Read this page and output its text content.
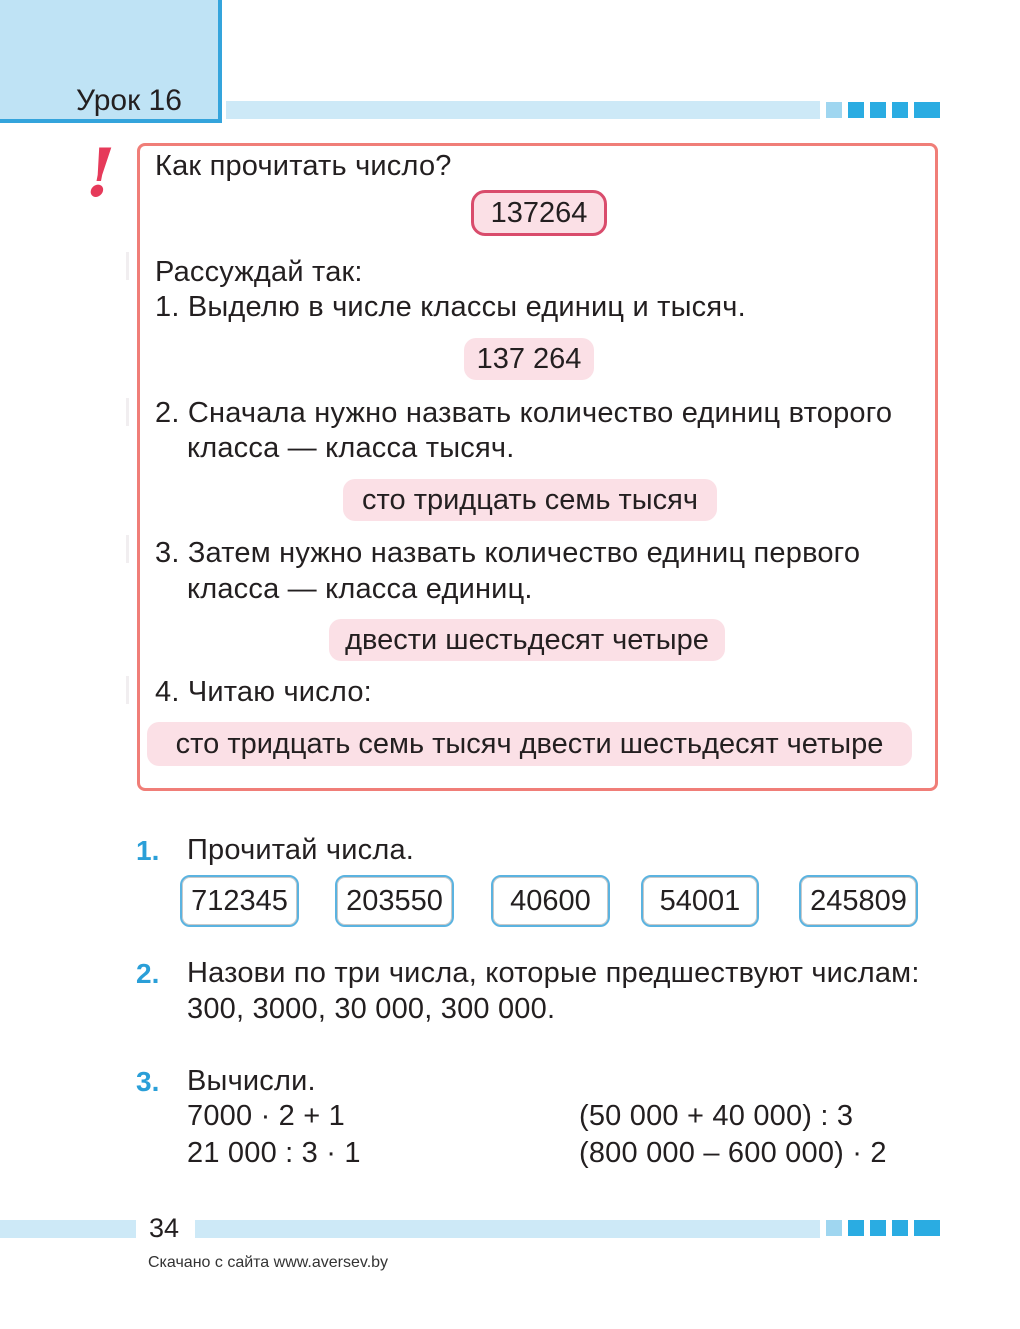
Урок 16
! Как прочитать число?
137264
Рассуждай так:
1. Выделю в числе классы единиц и тысяч.
137 264
2. Сначала нужно назвать количество единиц второго
класса — класса тысяч.
сто тридцать семь тысяч
3. Затем нужно назвать количество единиц первого
класса — класса единиц.
двести шестьдесят четыре
4. Читаю число:
сто тридцать семь тысяч двести шестьдесят четыре
1. Прочитай числа.
712345	203550	40600	54001	245809
2. Назови по три числа, которые предшествуют числам:
300, 3000, 30 000, 300 000.
3. Вычисли.
7000 · 2 + 1
21 000 : 3 · 1
(50 000 + 40 000) : 3
(800 000 – 600 000) · 2
34
Скачано с сайта www.aversev.by
